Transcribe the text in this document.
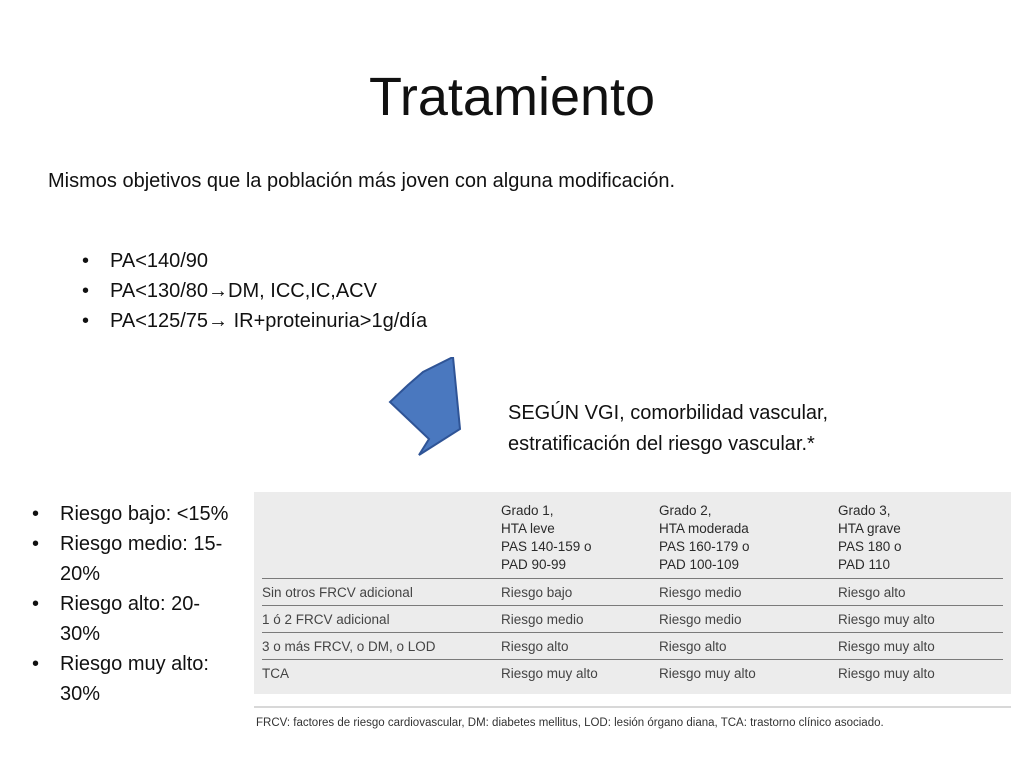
Tratamiento
Mismos objetivos que la población más joven con alguna modificación.
• PA<140/90
• PA<130/80→DM, ICC,IC,ACV
• PA<125/75→ IR+proteinuria>1g/día
SEGÚN VGI, comorbilidad vascular, estratificación del riesgo vascular.*
• Riesgo bajo: <15%
• Riesgo medio: 15-20%
• Riesgo alto: 20-30%
• Riesgo muy alto: 30%
	Grado 1,
HTA leve
PAS 140-159 o
PAD 90-99	Grado 2,
HTA moderada
PAS 160-179 o
PAD 100-109	Grado 3,
HTA grave
PAS 180 o
PAD 110
Sin otros FRCV adicional	Riesgo bajo	Riesgo medio	Riesgo alto
1 ó 2 FRCV adicional	Riesgo medio	Riesgo medio	Riesgo muy alto
3 o más FRCV, o DM, o LOD	Riesgo alto	Riesgo alto	Riesgo muy alto
TCA	Riesgo muy alto	Riesgo muy alto	Riesgo muy alto
FRCV: factores de riesgo cardiovascular, DM: diabetes mellitus, LOD: lesión órgano diana, TCA: trastorno clínico asociado.
